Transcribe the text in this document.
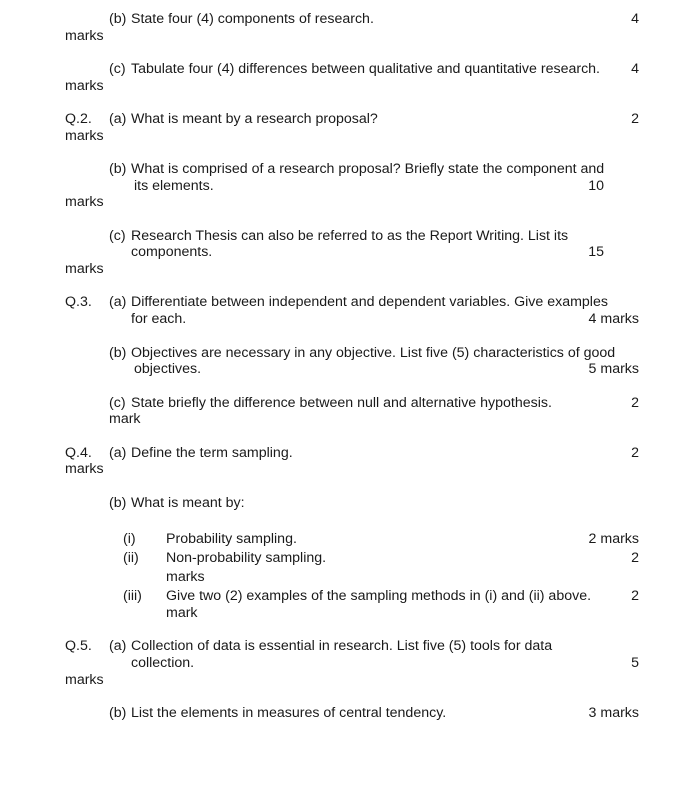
(b) State four (4) components of research.	4
marks
(c) Tabulate four (4) differences between qualitative and quantitative research. 4
marks
Q.2. (a) What is meant by a research proposal?	2
marks
(b) What is comprised of a research proposal? Briefly state the component and
its elements.	10
marks
(c) Research Thesis can also be referred to as the Report Writing. List its
components.	15
marks
Q.3. (a) Differentiate between independent and dependent variables. Give examples
for each.	4 marks
(b) Objectives are necessary in any objective. List five (5) characteristics of good
objectives.	5 marks
(c) State briefly the difference between null and alternative hypothesis.	2
mark
Q.4. (a) Define the term sampling.	2
marks
(b) What is meant by:
(i) Probability sampling.	2 marks
(ii) Non-probability sampling.	2
marks
(iii) Give two (2) examples of the sampling methods in (i) and (ii) above.	2
mark
Q.5. (a) Collection of data is essential in research. List five (5) tools for data
collection.	5
marks
(b) List the elements in measures of central tendency.	3 marks
